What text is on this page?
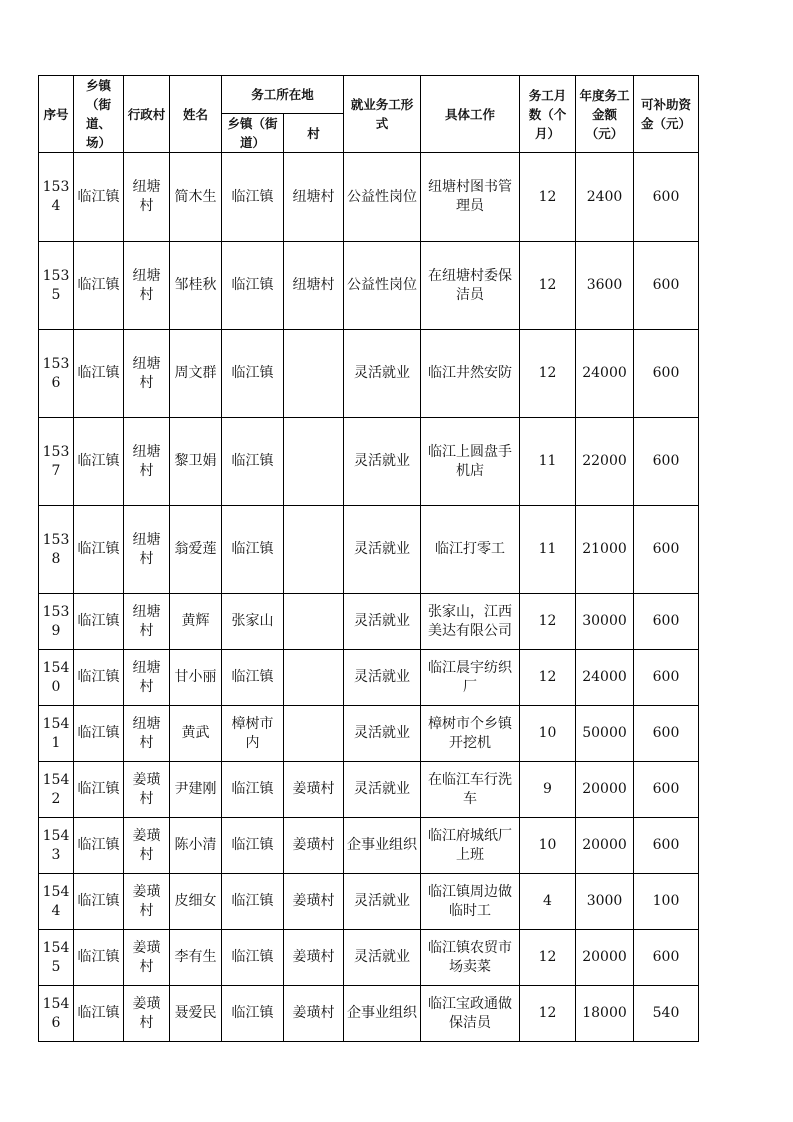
序号	乡镇（街道、场）	行政村	姓名	务工所在地		就业务工形式	具体工作	务工月数（个月）	年度务工金额（元）	可补助资金（元）
				乡镇（街道）	村					
1534	临江镇	纽塘村	简木生	临江镇	纽塘村	公益性岗位	纽塘村图书管理员	12	2400	600
1535	临江镇	纽塘村	邹桂秋	临江镇	纽塘村	公益性岗位	在纽塘村委保洁员	12	3600	600
1536	临江镇	纽塘村	周文群	临江镇		灵活就业	临江井然安防	12	24000	600
1537	临江镇	纽塘村	黎卫娟	临江镇		灵活就业	临江上圆盘手机店	11	22000	600
1538	临江镇	纽塘村	翁爱莲	临江镇		灵活就业	临江打零工	11	21000	600
1539	临江镇	纽塘村	黄辉	张家山		灵活就业	张家山，江西美达有限公司	12	30000	600
1540	临江镇	纽塘村	甘小丽	临江镇		灵活就业	临江晨宇纺织厂	12	24000	600
1541	临江镇	纽塘村	黄武	樟树市内		灵活就业	樟树市个乡镇开挖机	10	50000	600
1542	临江镇	姜璜村	尹建刚	临江镇	姜璜村	灵活就业	在临江车行洗车	9	20000	600
1543	临江镇	姜璜村	陈小清	临江镇	姜璜村	企事业组织	临江府城纸厂上班	10	20000	600
1544	临江镇	姜璜村	皮细女	临江镇	姜璜村	灵活就业	临江镇周边做临时工	4	3000	100
1545	临江镇	姜璜村	李有生	临江镇	姜璜村	灵活就业	临江镇农贸市场卖菜	12	20000	600
1546	临江镇	姜璜村	聂爱民	临江镇	姜璜村	企事业组织	临江宝政通做保洁员	12	18000	540
